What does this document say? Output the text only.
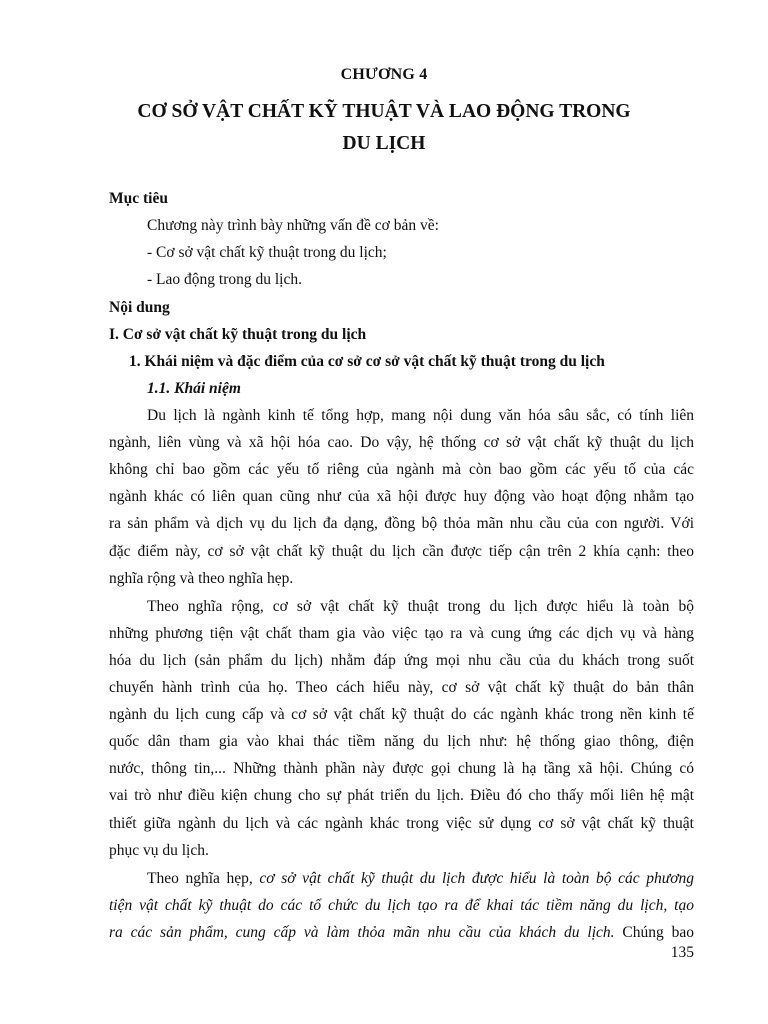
CHƯƠNG 4
CƠ SỞ VẬT CHẤT KỸ THUẬT VÀ LAO ĐỘNG TRONG
DU LỊCH
Mục tiêu
Chương này trình bày những vấn đề cơ bản về:
- Cơ sở vật chất kỹ thuật trong du lịch;
- Lao động trong du lịch.
Nội dung
I. Cơ sở vật chất kỹ thuật trong du lịch
1. Khái niệm và đặc điểm của cơ sở cơ sở vật chất kỹ thuật trong du lịch
1.1. Khái niệm
Du lịch là ngành kinh tế tổng hợp, mang nội dung văn hóa sâu sắc, có tính liên
ngành, liên vùng và xã hội hóa cao. Do vậy, hệ thống cơ sở vật chất kỹ thuật du lịch
không chỉ bao gồm các yếu tố riêng của ngành mà còn bao gồm các yếu tố của các
ngành khác có liên quan cũng như của xã hội được huy động vào hoạt động nhằm tạo
ra sản phẩm và dịch vụ du lịch đa dạng, đồng bộ thỏa mãn nhu cầu của con người. Với
đặc điểm này, cơ sở vật chất kỹ thuật du lịch cần được tiếp cận trên 2 khía cạnh: theo
nghĩa rộng và theo nghĩa hẹp.
Theo nghĩa rộng, cơ sở vật chất kỹ thuật trong du lịch được hiểu là toàn bộ
những phương tiện vật chất tham gia vào việc tạo ra và cung ứng các dịch vụ và hàng
hóa du lịch (sản phẩm du lịch) nhằm đáp ứng mọi nhu cầu của du khách trong suốt
chuyến hành trình của họ. Theo cách hiểu này, cơ sở vật chất kỹ thuật do bản thân
ngành du lịch cung cấp và cơ sở vật chất kỹ thuật do các ngành khác trong nền kinh tế
quốc dân tham gia vào khai thác tiềm năng du lịch như: hệ thống giao thông, điện
nước, thông tin,... Những thành phần này được gọi chung là hạ tầng xã hội. Chúng có
vai trò như điều kiện chung cho sự phát triển du lịch. Điều đó cho thấy mối liên hệ mật
thiết giữa ngành du lịch và các ngành khác trong việc sử dụng cơ sở vật chất kỹ thuật
phục vụ du lịch.
Theo nghĩa hẹp, cơ sở vật chất kỹ thuật du lịch được hiểu là toàn bộ các phương
tiện vật chất kỹ thuật do các tổ chức du lịch tạo ra để khai tác tiềm năng du lịch, tạo
ra các sản phẩm, cung cấp và làm thỏa mãn nhu cầu của khách du lịch. Chúng bao
135
